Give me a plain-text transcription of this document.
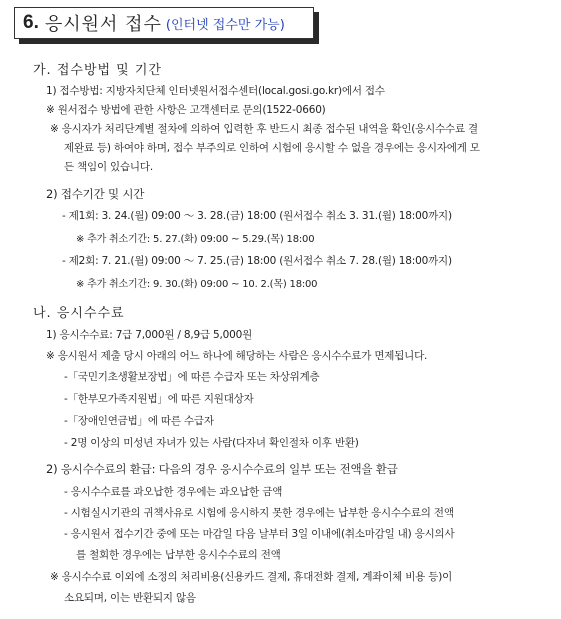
6. 응시원서 접수 (인터넷 접수만 가능)
가. 접수방법 및 기간
1) 접수방법: 지방자치단체 인터넷원서접수센터(local.gosi.go.kr)에서 접수
※ 원서접수 방법에 관한 사항은 고객센터로 문의(1522-0660)
※ 응시자가 처리단계별 절차에 의하여 입력한 후 반드시 최종 접수된 내역을 확인(응시수수료 결
제완료 등) 하여야 하며, 접수 부주의로 인하여 시험에 응시할 수 없을 경우에는 응시자에게 모
든 책임이 있습니다.
2) 접수기간 및 시간
- 제1회: 3. 24.(월) 09:00 ～ 3. 28.(금) 18:00 (원서접수 취소 3. 31.(월) 18:00까지)
※ 추가 취소기간: 5. 27.(화) 09:00 ~ 5.29.(목) 18:00
- 제2회: 7. 21.(월) 09:00 ～ 7. 25.(금) 18:00 (원서접수 취소 7. 28.(월) 18:00까지)
※ 추가 취소기간: 9. 30.(화) 09:00 ~ 10. 2.(목) 18:00
나. 응시수수료
1) 응시수수료: 7급 7,000원 / 8,9급 5,000원
※ 응시원서 제출 당시 아래의 어느 하나에 해당하는 사람은 응시수수료가 면제됩니다.
-「국민기초생활보장법」에 따른 수급자 또는 차상위계층
-「한부모가족지원법」에 따른 지원대상자
-「장애인연금법」에 따른 수급자
- 2명 이상의 미성년 자녀가 있는 사람(다자녀 확인절차 이후 반환)
2) 응시수수료의 환급: 다음의 경우 응시수수료의 일부 또는 전액을 환급
- 응시수수료를 과오납한 경우에는 과오납한 금액
- 시험실시기관의 귀책사유로 시험에 응시하지 못한 경우에는 납부한 응시수수료의 전액
- 응시원서 접수기간 중에 또는 마감일 다음 날부터 3일 이내에(취소마감일 내) 응시의사
를 철회한 경우에는 납부한 응시수수료의 전액
※ 응시수수료 이외에 소정의 처리비용(신용카드 결제, 휴대전화 결제, 계좌이체 비용 등)이
소요되며, 이는 반환되지 않음
